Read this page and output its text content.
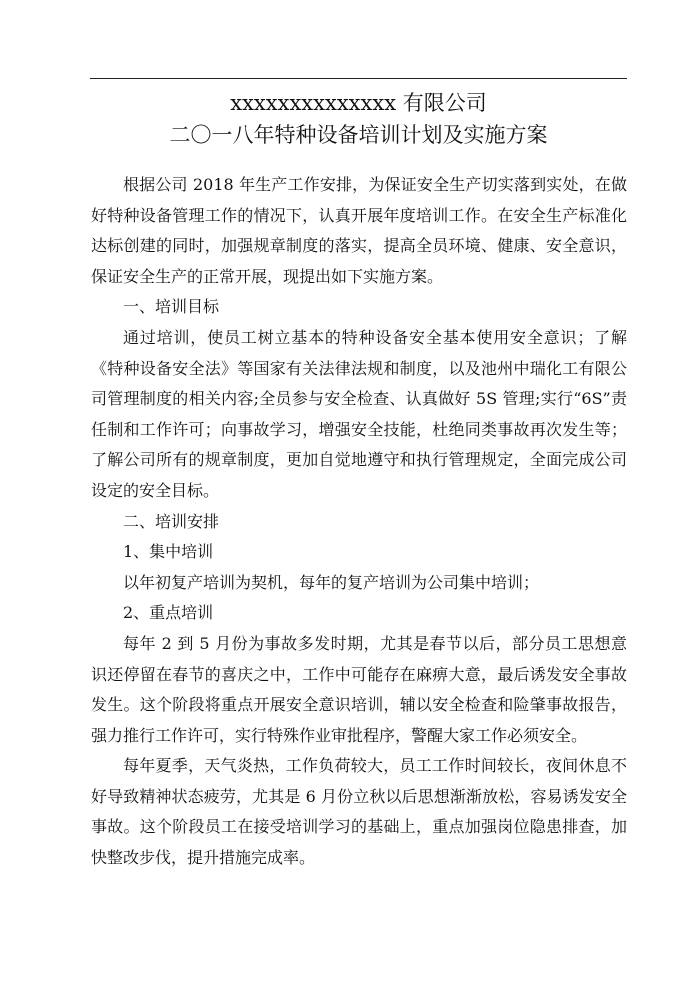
xxxxxxxxxxxxxx 有限公司
二〇一八年特种设备培训计划及实施方案

根据公司 2018 年生产工作安排，为保证安全生产切实落到实处，在做好特种设备管理工作的情况下，认真开展年度培训工作。在安全生产标准化达标创建的同时，加强规章制度的落实，提高全员环境、健康、安全意识，保证安全生产的正常开展，现提出如下实施方案。

一、培训目标

通过培训，使员工树立基本的特种设备安全基本使用安全意识；了解《特种设备安全法》等国家有关法律法规和制度，以及池州中瑞化工有限公司管理制度的相关内容;全员参与安全检查、认真做好 5S 管理;实行“6S”责任制和工作许可；向事故学习，增强安全技能，杜绝同类事故再次发生等；了解公司所有的规章制度，更加自觉地遵守和执行管理规定，全面完成公司设定的安全目标。

二、培训安排

1、集中培训

以年初复产培训为契机，每年的复产培训为公司集中培训；

2、重点培训

每年 2 到 5 月份为事故多发时期，尤其是春节以后，部分员工思想意识还停留在春节的喜庆之中，工作中可能存在麻痹大意，最后诱发安全事故发生。这个阶段将重点开展安全意识培训，辅以安全检查和险肇事故报告，强力推行工作许可，实行特殊作业审批程序，警醒大家工作必须安全。

每年夏季，天气炎热，工作负荷较大，员工工作时间较长，夜间休息不好导致精神状态疲劳，尤其是 6 月份立秋以后思想渐渐放松，容易诱发安全事故。这个阶段员工在接受培训学习的基础上，重点加强岗位隐患排查，加快整改步伐，提升措施完成率。
